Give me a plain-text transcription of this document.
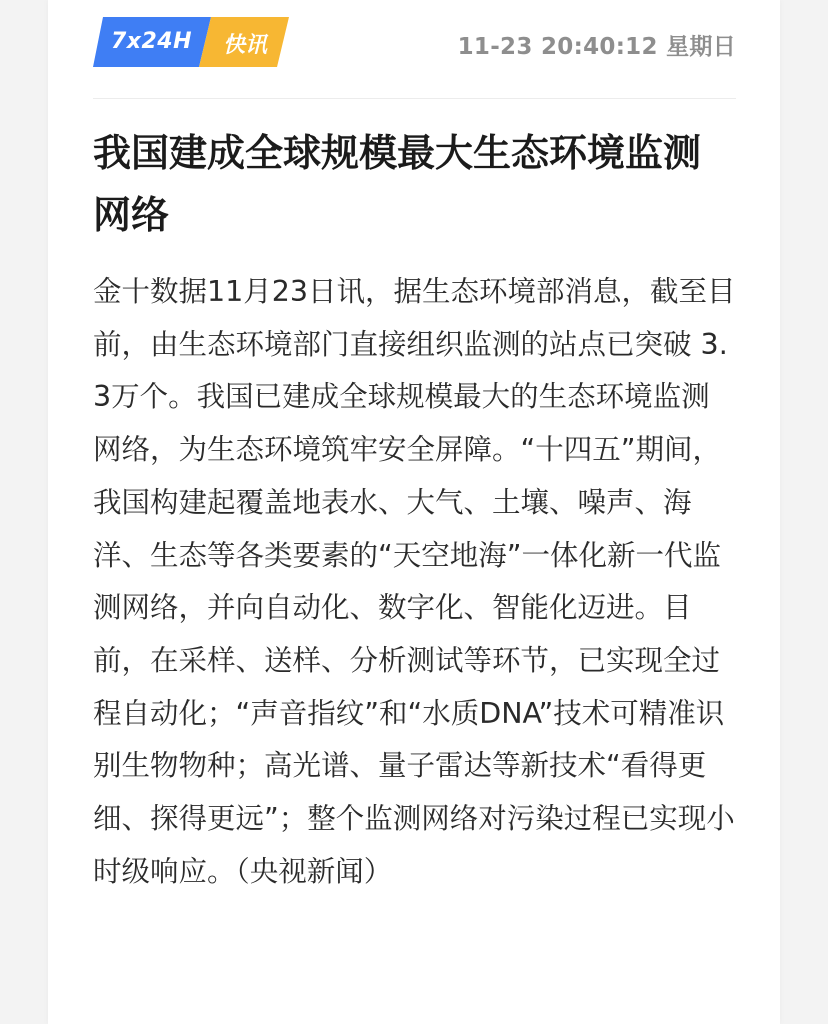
7x24H 快讯	11-23 20:40:12 星期日
我国建成全球规模最大生态环境监测网络

金十数据11月23日讯，据生态环境部消息，截至目前，由生态环境部门直接组织监测的站点已突破 3.3万个。我国已建成全球规模最大的生态环境监测网络，为生态环境筑牢安全屏障。“十四五”期间，我国构建起覆盖地表水、大气、土壤、噪声、海洋、生态等各类要素的“天空地海”一体化新一代监测网络，并向自动化、数字化、智能化迈进。目前，在采样、送样、分析测试等环节，已实现全过程自动化；“声音指纹”和“水质DNA”技术可精准识别生物物种；高光谱、量子雷达等新技术“看得更细、探得更远”；整个监测网络对污染过程已实现小时级响应。（央视新闻）
